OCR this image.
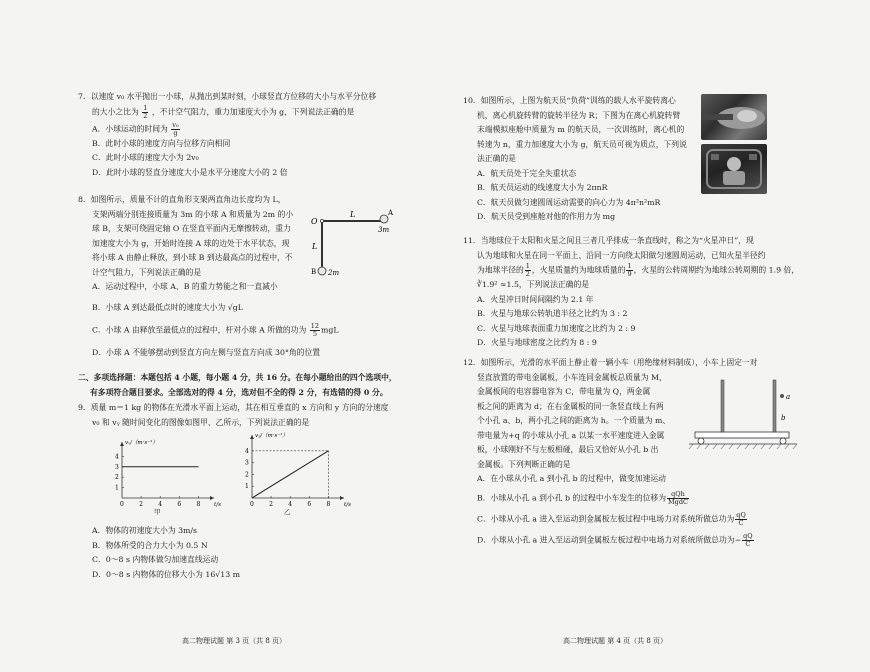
7．以速度 v₀ 水平抛出一小球，从抛出到某时刻，小球竖直方位移的大小与水平分位移
的大小之比为 $\frac{1}{2}$ ，不计空气阻力，重力加速度大小为 g，下列说法正确的是
A．小球运动的时间为 $\frac{\text{v₀}}{g}$
B．此时小球的速度方向与位移方向相同
C．此时小球的速度大小为 2v₀
D．此时小球的竖直分速度大小是水平分速度大小的 2 倍
8．如图所示，质量不计的直角形支架两直角边长度均为 L，
支架两端分别连接质量为 3m 的小球 A 和质量为 2m 的小
球 B，支架可绕固定轴 O 在竖直平面内无摩擦转动，重力
加速度大小为 g，开始时连接 A 球的边处于水平状态，现
将小球 A 由静止释放，到小球 B 到达最高点的过程中，不
计空气阻力，下列说法正确的是
A．运动过程中，小球 A、B 的重力势能之和一直减小
B．小球 A 到达最低点时的速度大小为 √gL
C．小球 A 由释放至最低点的过程中，杆对小球 A 所做的功为 $\frac{12}{5}$ mgL
D．小球 A 不能够摆动到竖直方向左侧与竖直方向成 30°角的位置
O
L
L
A
3m
B 2m
二、多项选择题：本题包括 4 小题，每小题 4 分，共 16 分。在每小题给出的四个选项中，
有多项符合题目要求。全部选对的得 4 分，选对但不全的得 2 分，有选错的得 0 分。
9．质量 m＝1 kg 的物体在光滑水平面上运动，其在相互垂直的 x 方向和 y 方向的分速度
v₀ 和 vᵧ 随时间变化的图像如图甲、乙所示，下列说法正确的是
0	2	4	6	8
1
2
3
4
vₓ/（m·s⁻¹）
t/s
甲
0	2	4	6	8
1
2
3
4
vᵧ/（m·s⁻¹）
t/s
乙
A．物体的初速度大小为 3m/s
B．物体所受的合力大小为 0.5 N
C．0～8 s 内物体做匀加速直线运动
D．0～8 s 内物体的位移大小为 16√13 m
高二物理试题 第 3 页（共 8 页）
10．如图所示，上图为航天员“负荷”训练的载人水平旋转离心
机，离心机旋转臂的旋转半径为 R；下图为在离心机旋转臂
末端模拟座舱中质量为 m 的航天员，一次训练时，离心机的
转速为 n，重力加速度大小为 g，航天员可视为质点，下列说
法正确的是
A．航天员处于完全失重状态
B．航天员运动的线速度大小为 2πnR
C．航天员做匀速圆周运动需要的向心力为 4π²n²mR
D．航天员受到座舱对他的作用力为 mg
11．当地球位于太阳和火星之间且三者几乎排成一条直线时，称之为“火星冲日”，现
认为地球和火星在同一平面上、沿同一方向绕太阳做匀速圆周运动，已知火星半径约
为地球半径的 $\frac{1}{2}$ ，火星质量约为地球质量的 $\frac{1}{9}$ ，火星的公转周期约为地球公转周期的 1.9 倍，
∛1.9² ≈1.5，下列说法正确的是
A．火星冲日时间间隔约为 2.1 年
B．火星与地球公转轨道半径之比约为 3 : 2
C．火星与地球表面重力加速度之比约为 2 : 9
D．火星与地球密度之比约为 8 : 9
12．如图所示，光滑的水平面上静止着一辆小车（用绝缘材料制成），小车上固定一对
竖直放置的带电金属板，小车连同金属板总质量为 M，
金属板间的电容器电容为 C，带电量为 Q，两金属
板之间的距离为 d；在右金属板的同一条竖直线上有两
个小孔 a、b，两小孔之间的距离为 h。一个质量为 m、
带电量为+q 的小球从小孔 a 以某一水平速度进入金属
板，小球刚好不与左板相碰，最后又恰好从小孔 b 出
金属板。下列判断正确的是
A．在小球从小孔 a 到小孔 b 的过程中，做变加速运动
B．小球从小孔 a 到小孔 b 的过程中小车发生的位移为 $\frac{\text{qQh}}{\text{MgdC}}$
C．小球从小孔 a 进入至运动到金属板左板过程中电场力对系统所做总功为 $\frac{qQ}{C}$
D．小球从小孔 a 进入至运动到金属板左板过程中电场力对系统所做总功为− $\frac{qQ}{C}$
a
b
高二物理试题 第 4 页（共 8 页）
